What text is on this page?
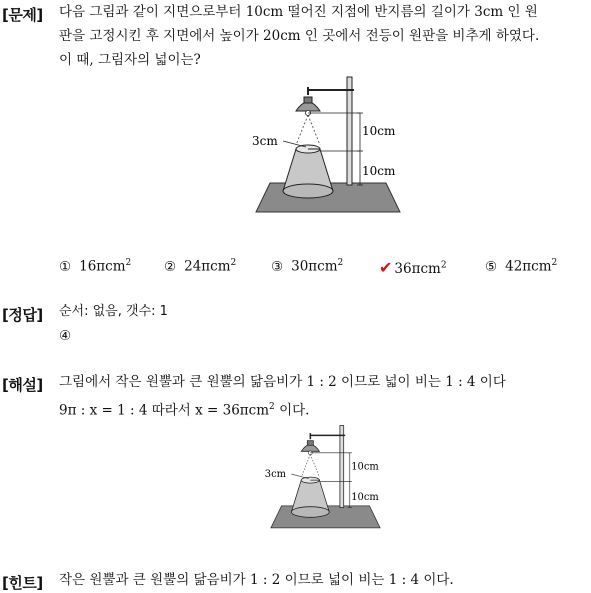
[문제] 다음 그림과 같이 지면으로부터 10cm 떨어진 지점에 반지름의 길이가 3cm 인 원
판을 고정시킨 후 지면에서 높이가 20cm 인 곳에서 전등이 원판을 비추게 하였다.
이 때, 그림자의 넓이는?
3cm
10cm
10cm
① 16πcm$^2$ ② 24πcm$^2$	③ 30πcm$^2$ ✔ 36πcm$^2$	⑤ 42πcm$^2$
[정답] 순서: 없음, 갯수: 1
④
[해설] 그림에서 작은 원뿔과 큰 원뿔의 닮음비가 1 : 2 이므로 넓이 비는 1 : 4 이다
9π : x = 1 : 4 따라서 x = 36πcm$^2$ 이다.
3cm
10cm
10cm
[힌트] 작은 원뿔과 큰 원뿔의 닮음비가 1 : 2 이므로 넓이 비는 1 : 4 이다.
